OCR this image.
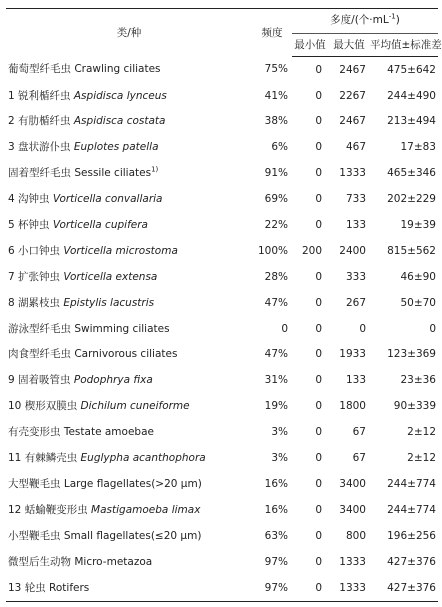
类/种	频度	多度/(个$\cdot mL^{-1}$)		
		最小值	最大值	平均值±标准差
葡萄型纤毛虫 Crawling ciliates	75%	0	2467	475±642
1 锐利楯纤虫 Aspidisca lynceus	41%	0	2267	244±490
2 有肋楯纤虫 Aspidisca costata	38%	0	2467	213±494
3 盘状游仆虫 Euplotes patella	6%	0	467	17±83
固着型纤毛虫 Sessile ciliates$^{1)}$	91%	0	1333	465±346
4 沟钟虫 Vorticella convallaria	69%	0	733	202±229
5 杯钟虫 Vorticella cupifera	22%	0	133	19±39
6 小口钟虫 Vorticella microstoma	100%	200	2400	815±562
7 扩张钟虫 Vorticella extensa	28%	0	333	46±90
8 湖累枝虫 Epistylis lacustris	47%	0	267	50±70
游泳型纤毛虫 Swimming ciliates	0	0	0	0
肉食型纤毛虫 Carnivorous ciliates	47%	0	1933	123±369
9 固着吸管虫 Podophrya fixa	31%	0	133	23±36
10 楔形双膜虫 Dichilum cuneiforme	19%	0	1800	90±339
有壳变形虫 Testate amoebae	3%	0	67	2±12
11 有棘鳞壳虫 Euglypha acanthophora	3%	0	67	2±12
大型鞭毛虫 Large flagellates(>20 μm)	16%	0	3400	244±774
12 蛞蝓鞭变形虫 Mastigamoeba limax	16%	0	3400	244±774
小型鞭毛虫 Small flagellates(≤20 μm)	63%	0	800	196±256
微型后生动物 Micro-metazoa	97%	0	1333	427±376
13 轮虫 Rotifers	97%	0	1333	427±376
